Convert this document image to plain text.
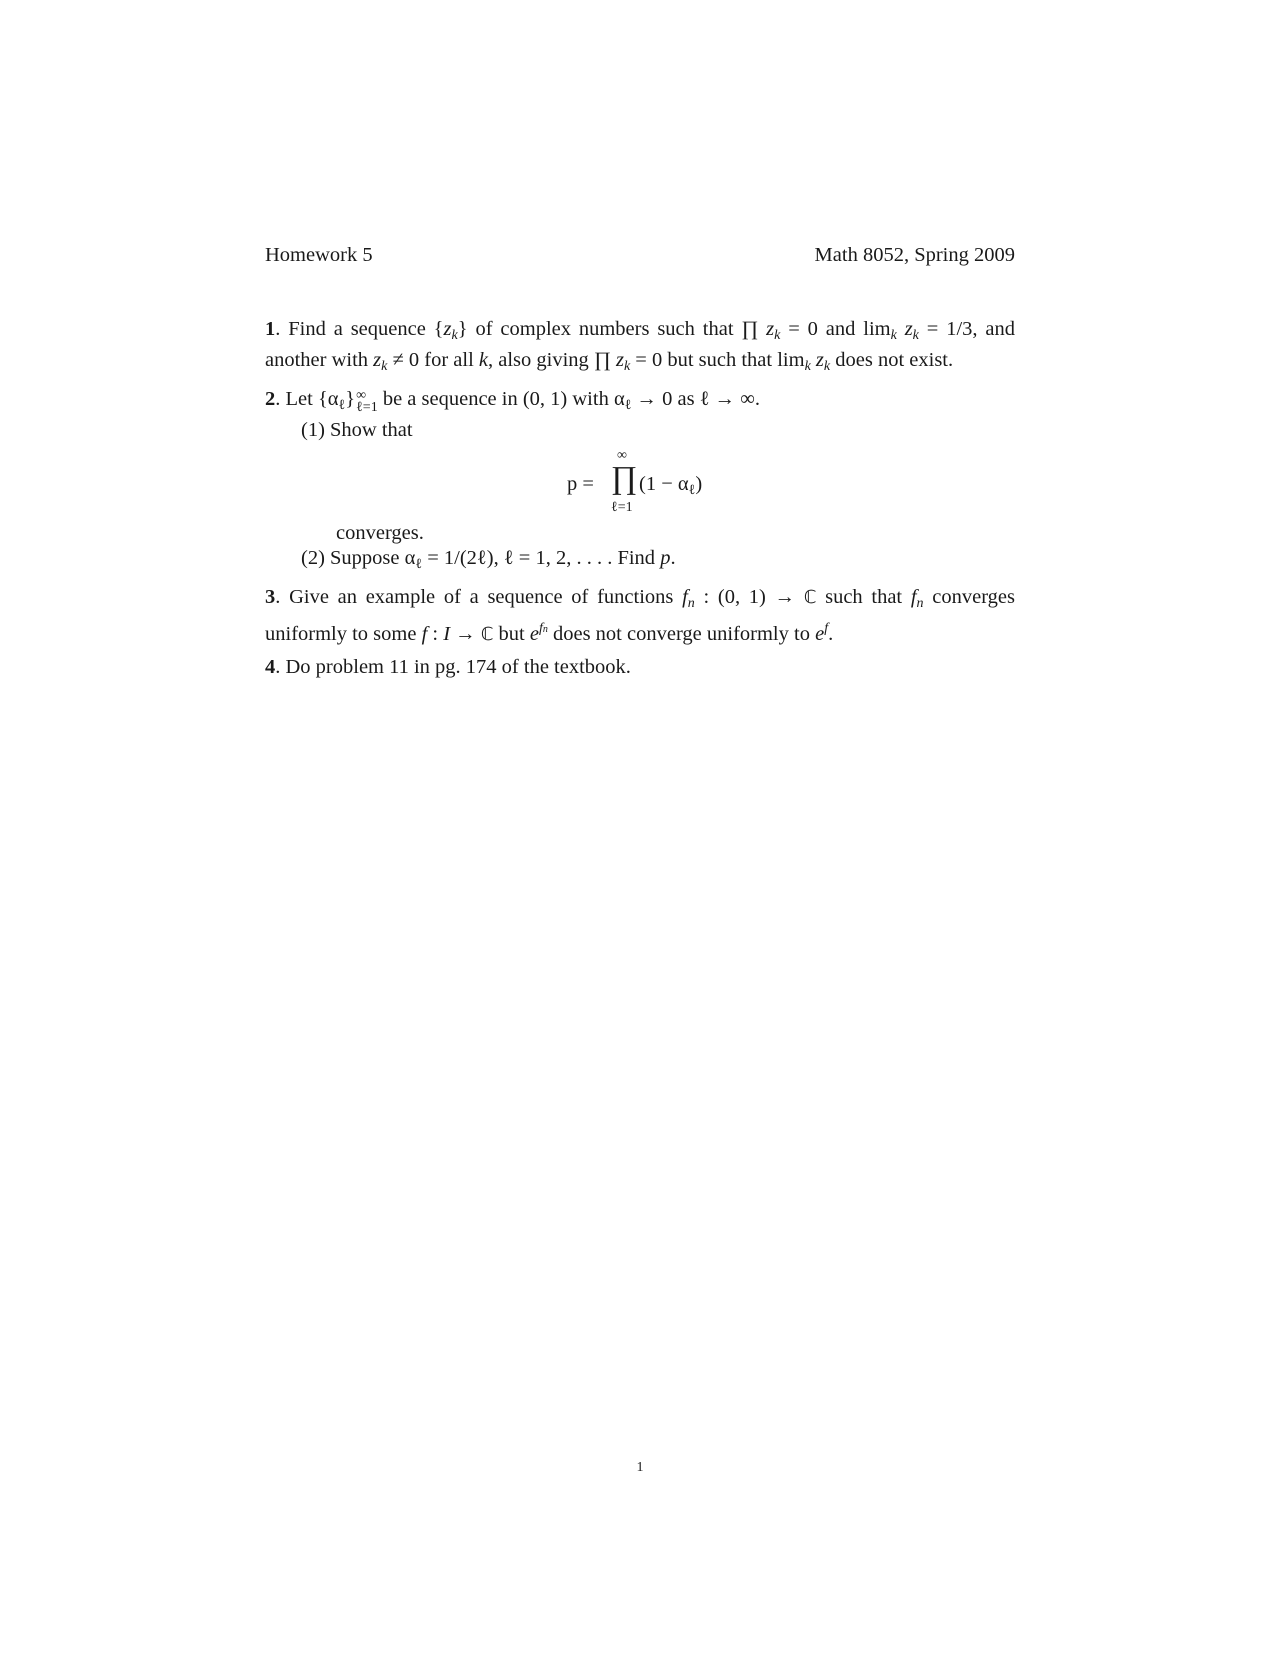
Homework 5	Math 8052, Spring 2009

1. Find a sequence $\{z_k\}$ of complex numbers such that ∏ $z_k = 0$ and $\lim_k z_k = 1/3$, and another with $z_k \ne 0$ for all k, also giving ∏ $z_k = 0$ but such that $\lim_k z_k$ does not exist.

2. Let $\{\alpha_\ell\}$ ∞
ℓ=1 be a sequence in (0, 1) with $\alpha_\ell \to 0$ as ℓ → ∞.
(1) Show that
p =
∞
∏
ℓ=1
$(1 - \alpha_\ell)$
converges.
(2) Suppose $\alpha_\ell$ = 1/(2ℓ), ℓ = 1, 2, . . . . Find p.

3. Give an example of a sequence of functions $f_n$ : (0, 1) → ℂ such that $f_n$ converges uniformly to some f : I → ℂ but $e^{fn}$ does not converge uniformly to $e^f$.

4. Do problem 11 in pg. 174 of the textbook.

1
